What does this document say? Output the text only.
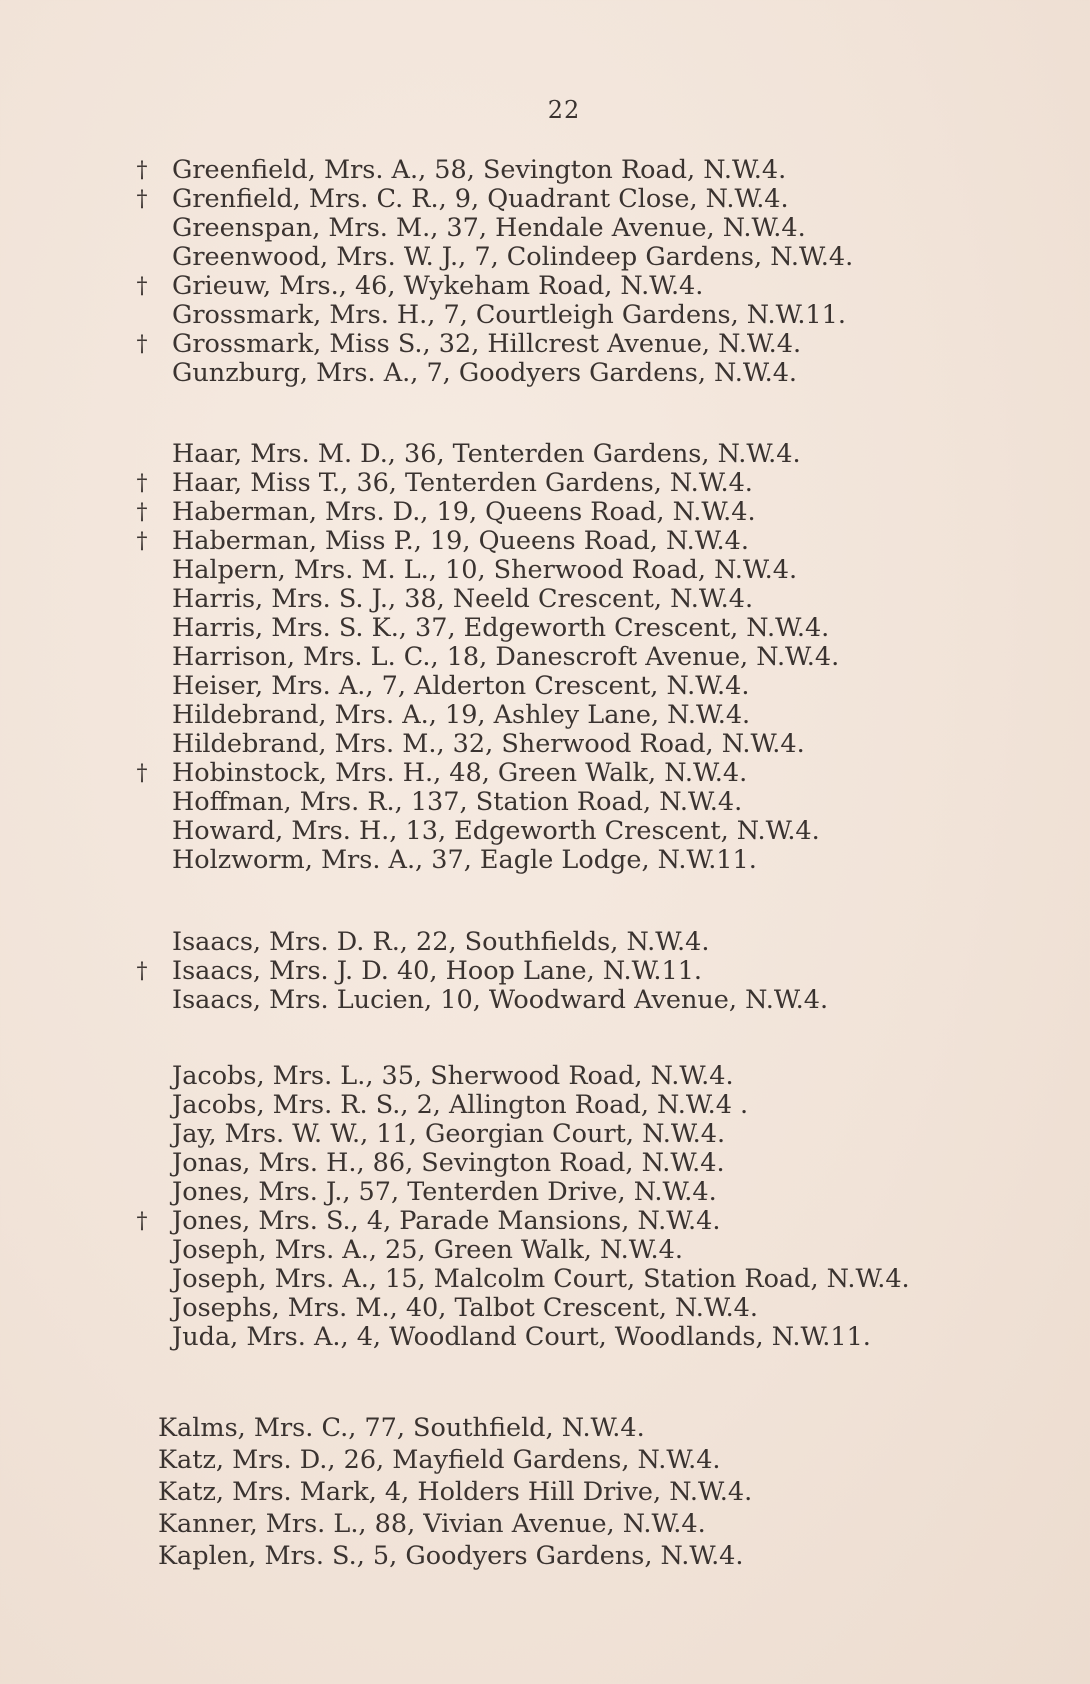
22
† Greenfield, Mrs. A., 58, Sevington Road, N.W.4.
† Grenfield, Mrs. C. R., 9, Quadrant Close, N.W.4.
Greenspan, Mrs. M., 37, Hendale Avenue, N.W.4.
Greenwood, Mrs. W. J., 7, Colindeep Gardens, N.W.4.
† Grieuw, Mrs., 46, Wykeham Road, N.W.4.
Grossmark, Mrs. H., 7, Courtleigh Gardens, N.W.11.
† Grossmark, Miss S., 32, Hillcrest Avenue, N.W.4.
Gunzburg, Mrs. A., 7, Goodyers Gardens, N.W.4.
Haar, Mrs. M. D., 36, Tenterden Gardens, N.W.4.
† Haar, Miss T., 36, Tenterden Gardens, N.W.4.
† Haberman, Mrs. D., 19, Queens Road, N.W.4.
† Haberman, Miss P., 19, Queens Road, N.W.4.
Halpern, Mrs. M. L., 10, Sherwood Road, N.W.4.
Harris, Mrs. S. J., 38, Neeld Crescent, N.W.4.
Harris, Mrs. S. K., 37, Edgeworth Crescent, N.W.4.
Harrison, Mrs. L. C., 18, Danescroft Avenue, N.W.4.
Heiser, Mrs. A., 7, Alderton Crescent, N.W.4.
Hildebrand, Mrs. A., 19, Ashley Lane, N.W.4.
Hildebrand, Mrs. M., 32, Sherwood Road, N.W.4.
† Hobinstock, Mrs. H., 48, Green Walk, N.W.4.
Hoffman, Mrs. R., 137, Station Road, N.W.4.
Howard, Mrs. H., 13, Edgeworth Crescent, N.W.4.
Holzworm, Mrs. A., 37, Eagle Lodge, N.W.11.
Isaacs, Mrs. D. R., 22, Southfields, N.W.4.
† Isaacs, Mrs. J. D. 40, Hoop Lane, N.W.11.
Isaacs, Mrs. Lucien, 10, Woodward Avenue, N.W.4.
Jacobs, Mrs. L., 35, Sherwood Road, N.W.4.
Jacobs, Mrs. R. S., 2, Allington Road, N.W.4 .
Jay, Mrs. W. W., 11, Georgian Court, N.W.4.
Jonas, Mrs. H., 86, Sevington Road, N.W.4.
Jones, Mrs. J., 57, Tenterden Drive, N.W.4.
† Jones, Mrs. S., 4, Parade Mansions, N.W.4.
Joseph, Mrs. A., 25, Green Walk, N.W.4.
Joseph, Mrs. A., 15, Malcolm Court, Station Road, N.W.4.
Josephs, Mrs. M., 40, Talbot Crescent, N.W.4.
Juda, Mrs. A., 4, Woodland Court, Woodlands, N.W.11.
Kalms, Mrs. C., 77, Southfield, N.W.4.
Katz, Mrs. D., 26, Mayfield Gardens, N.W.4.
Katz, Mrs. Mark, 4, Holders Hill Drive, N.W.4.
Kanner, Mrs. L., 88, Vivian Avenue, N.W.4.
Kaplen, Mrs. S., 5, Goodyers Gardens, N.W.4.
